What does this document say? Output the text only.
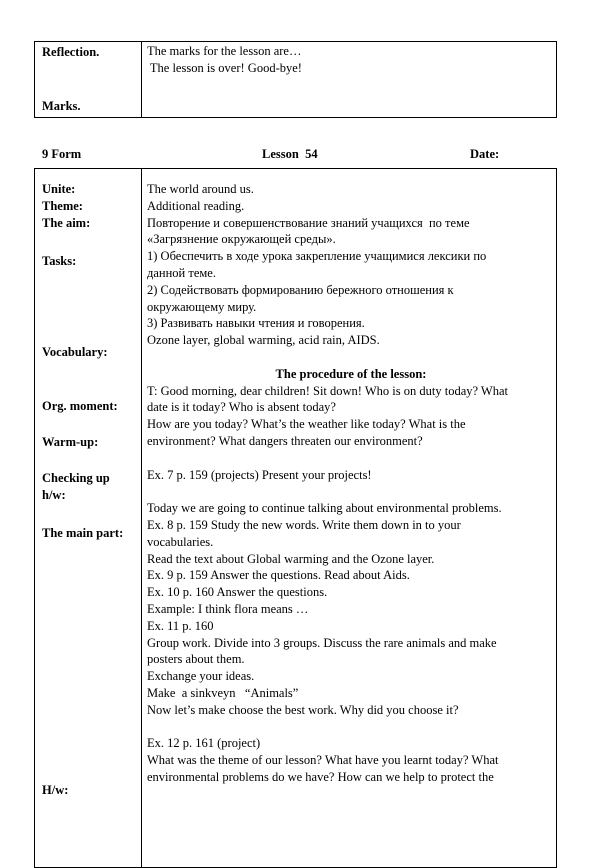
Reflection.
Marks.
The marks for the lesson are…
The lesson is over! Good-bye!
9 Form	Lesson  54	Date:
Unite:
Theme:
The aim:
Tasks:
Vocabulary:
Org. moment:
Warm-up:
Checking up
h/w:
The main part:
H/w:
The world around us.
Additional reading.
Повторение и совершенствование знаний учащихся  по теме
«Загрязнение окружающей среды».
1) Обеспечить в ходе урока закрепление учащимися лексики по
данной теме.
2) Содействовать формированию бережного отношения к
окружающему миру.
3) Развивать навыки чтения и говорения.
Ozone layer, global warming, acid rain, AIDS.

The procedure of the lesson:
T: Good morning, dear children! Sit down! Who is on duty today? What
date is it today? Who is absent today?
How are you today? What’s the weather like today? What is the
environment? What dangers threaten our environment?

Ex. 7 p. 159 (projects) Present your projects!

Today we are going to continue talking about environmental problems.
Ex. 8 p. 159 Study the new words. Write them down in to your
vocabularies.
Read the text about Global warming and the Ozone layer.
Ex. 9 p. 159 Answer the questions. Read about Aids.
Ex. 10 p. 160 Answer the questions.
Example: I think flora means …
Ex. 11 p. 160
Group work. Divide into 3 groups. Discuss the rare animals and make
posters about them.
Exchange your ideas.
Make  a sinkveyn   “Animals”
Now let’s make choose the best work. Why did you choose it?

Ex. 12 p. 161 (project)
What was the theme of our lesson? What have you learnt today? What
environmental problems do we have? How can we help to protect the
